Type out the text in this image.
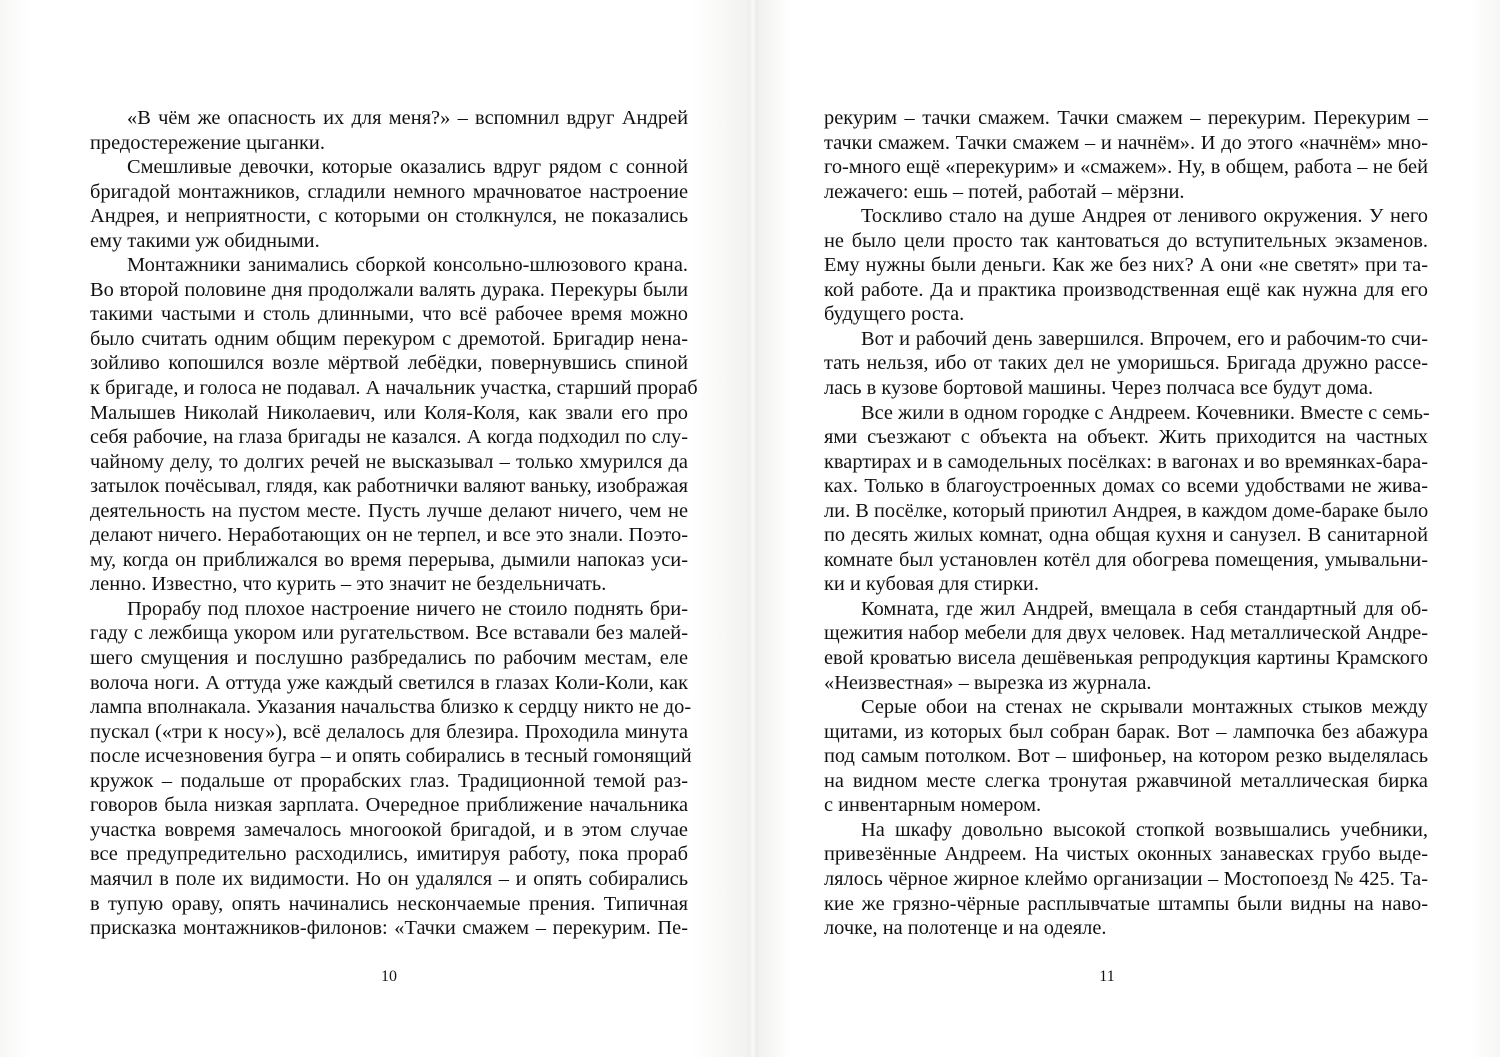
«В чём же опасность их для меня?» – вспомнил вдруг Андрей
предостережение цыганки.
Смешливые девочки, которые оказались вдруг рядом с сонной
бригадой монтажников, сгладили немного мрачноватое настроение
Андрея, и неприятности, с которыми он столкнулся, не показались
ему такими уж обидными.
Монтажники занимались сборкой консольно-шлюзового крана.
Во второй половине дня продолжали валять дурака. Перекуры были
такими частыми и столь длинными, что всё рабочее время можно
было считать одним общим перекуром с дремотой. Бригадир нена-
зойливо копошился возле мёртвой лебёдки, повернувшись спиной
к бригаде, и голоса не подавал. А начальник участка, старший прораб
Малышев Николай Николаевич, или Коля-Коля, как звали его про
себя рабочие, на глаза бригады не казался. А когда подходил по слу-
чайному делу, то долгих речей не высказывал – только хмурился да
затылок почёсывал, глядя, как работнички валяют ваньку, изображая
деятельность на пустом месте. Пусть лучше делают ничего, чем не
делают ничего. Неработающих он не терпел, и все это знали. Поэто-
му, когда он приближался во время перерыва, дымили напоказ уси-
ленно. Известно, что курить – это значит не бездельничать.
Прорабу под плохое настроение ничего не стоило поднять бри-
гаду с лежбища укором или ругательством. Все вставали без малей-
шего смущения и послушно разбредались по рабочим местам, еле
волоча ноги. А оттуда уже каждый светился в глазах Коли-Коли, как
лампа вполнакала. Указания начальства близко к сердцу никто не до-
пускал («три к носу»), всё делалось для блезира. Проходила минута
после исчезновения бугра – и опять собирались в тесный гомонящий
кружок – подальше от прорабских глаз. Традиционной темой раз-
говоров была низкая зарплата. Очередное приближение начальника
участка вовремя замечалось многоокой бригадой, и в этом случае
все предупредительно расходились, имитируя работу, пока прораб
маячил в поле их видимости. Но он удалялся – и опять собирались
в тупую ораву, опять начинались нескончаемые прения. Типичная
присказка монтажников-филонов: «Тачки смажем – перекурим. Пе-
10
рекурим – тачки смажем. Тачки смажем – перекурим. Перекурим –
тачки смажем. Тачки смажем – и начнём». И до этого «начнём» мно-
го-много ещё «перекурим» и «смажем». Ну, в общем, работа – не бей
лежачего: ешь – потей, работай – мёрзни.
Тоскливо стало на душе Андрея от ленивого окружения. У него
не было цели просто так кантоваться до вступительных экзаменов.
Ему нужны были деньги. Как же без них? А они «не светят» при та-
кой работе. Да и практика производственная ещё как нужна для его
будущего роста.
Вот и рабочий день завершился. Впрочем, его и рабочим-то счи-
тать нельзя, ибо от таких дел не уморишься. Бригада дружно рассе-
лась в кузове бортовой машины. Через полчаса все будут дома.
Все жили в одном городке с Андреем. Кочевники. Вместе с семь-
ями съезжают с объекта на объект. Жить приходится на частных
квартирах и в самодельных посёлках: в вагонах и во времянках-бара-
ках. Только в благоустроенных домах со всеми удобствами не жива-
ли. В посёлке, который приютил Андрея, в каждом доме-бараке было
по десять жилых комнат, одна общая кухня и санузел. В санитарной
комнате был установлен котёл для обогрева помещения, умывальни-
ки и кубовая для стирки.
Комната, где жил Андрей, вмещала в себя стандартный для об-
щежития набор мебели для двух человек. Над металлической Андре-
евой кроватью висела дешёвенькая репродукция картины Крамского
«Неизвестная» – вырезка из журнала.
Серые обои на стенах не скрывали монтажных стыков между
щитами, из которых был собран барак. Вот – лампочка без абажура
под самым потолком. Вот – шифоньер, на котором резко выделялась
на видном месте слегка тронутая ржавчиной металлическая бирка
с инвентарным номером.
На шкафу довольно высокой стопкой возвышались учебники,
привезённые Андреем. На чистых оконных занавесках грубо выде-
лялось чёрное жирное клеймо организации – Мостопоезд № 425. Та-
кие же грязно-чёрные расплывчатые штампы были видны на наво-
лочке, на полотенце и на одеяле.
11
